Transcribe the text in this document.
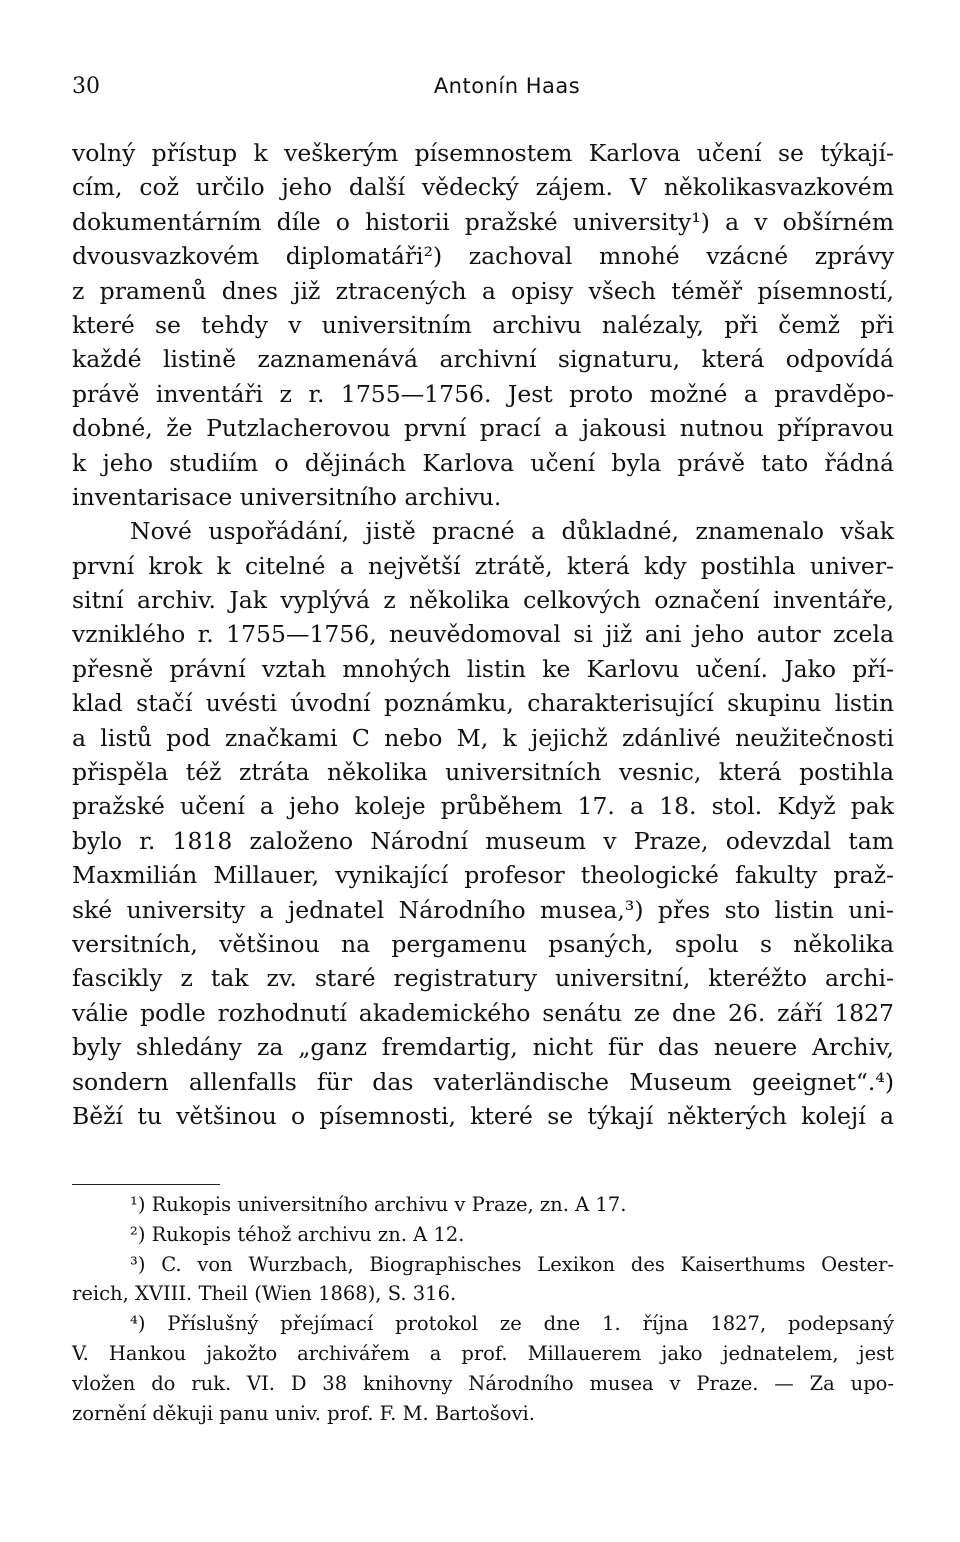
30	Antonín Haas
volný přístup k veškerým písemnostem Karlova učení se týkají-
cím, což určilo jeho další vědecký zájem. V několikasvazkovém
dokumentárním díle o historii pražské university¹) a v obšírném
dvousvazkovém diplomatáři²) zachoval mnohé vzácné zprávy
z pramenů dnes již ztracených a opisy všech téměř písemností,
které se tehdy v universitním archivu nalézaly, při čemž při
každé listině zaznamenává archivní signaturu, která odpovídá
právě inventáři z r. 1755—1756. Jest proto možné a pravděpo-
dobné, že Putzlacherovou první prací a jakousi nutnou přípravou
k jeho studiím o dějinách Karlova učení byla právě tato řádná
inventarisace universitního archivu.
Nové uspořádání, jistě pracné a důkladné, znamenalo však
první krok k citelné a největší ztrátě, která kdy postihla univer-
sitní archiv. Jak vyplývá z několika celkových označení inventáře,
vzniklého r. 1755—1756, neuvědomoval si již ani jeho autor zcela
přesně právní vztah mnohých listin ke Karlovu učení. Jako pří-
klad stačí uvésti úvodní poznámku, charakterisující skupinu listin
a listů pod značkami C nebo M, k jejichž zdánlivé neužitečnosti
přispěla též ztráta několika universitních vesnic, která postihla
pražské učení a jeho koleje průběhem 17. a 18. stol. Když pak
bylo r. 1818 založeno Národní museum v Praze, odevzdal tam
Maxmilián Millauer, vynikající profesor theologické fakulty praž-
ské university a jednatel Národního musea,³) přes sto listin uni-
versitních, většinou na pergamenu psaných, spolu s několika
fascikly z tak zv. staré registratury universitní, kteréžto archi-
válie podle rozhodnutí akademického senátu ze dne 26. září 1827
byly shledány za „ganz fremdartig, nicht für das neuere Archiv,
sondern allenfalls für das vaterländische Museum geeignet“.⁴)
Běží tu většinou o písemnosti, které se týkají některých kolejí a
¹) Rukopis universitního archivu v Praze, zn. A 17.
²) Rukopis téhož archivu zn. A 12.
³) C. von Wurzbach, Biographisches Lexikon des Kaiserthums Oester-
reich, XVIII. Theil (Wien 1868), S. 316.
⁴) Příslušný přejímací protokol ze dne 1. října 1827, podepsaný
V. Hankou jakožto archivářem a prof. Millauerem jako jednatelem, jest
vložen do ruk. VI. D 38 knihovny Národního musea v Praze. — Za upo-
zornění děkuji panu univ. prof. F. M. Bartošovi.
